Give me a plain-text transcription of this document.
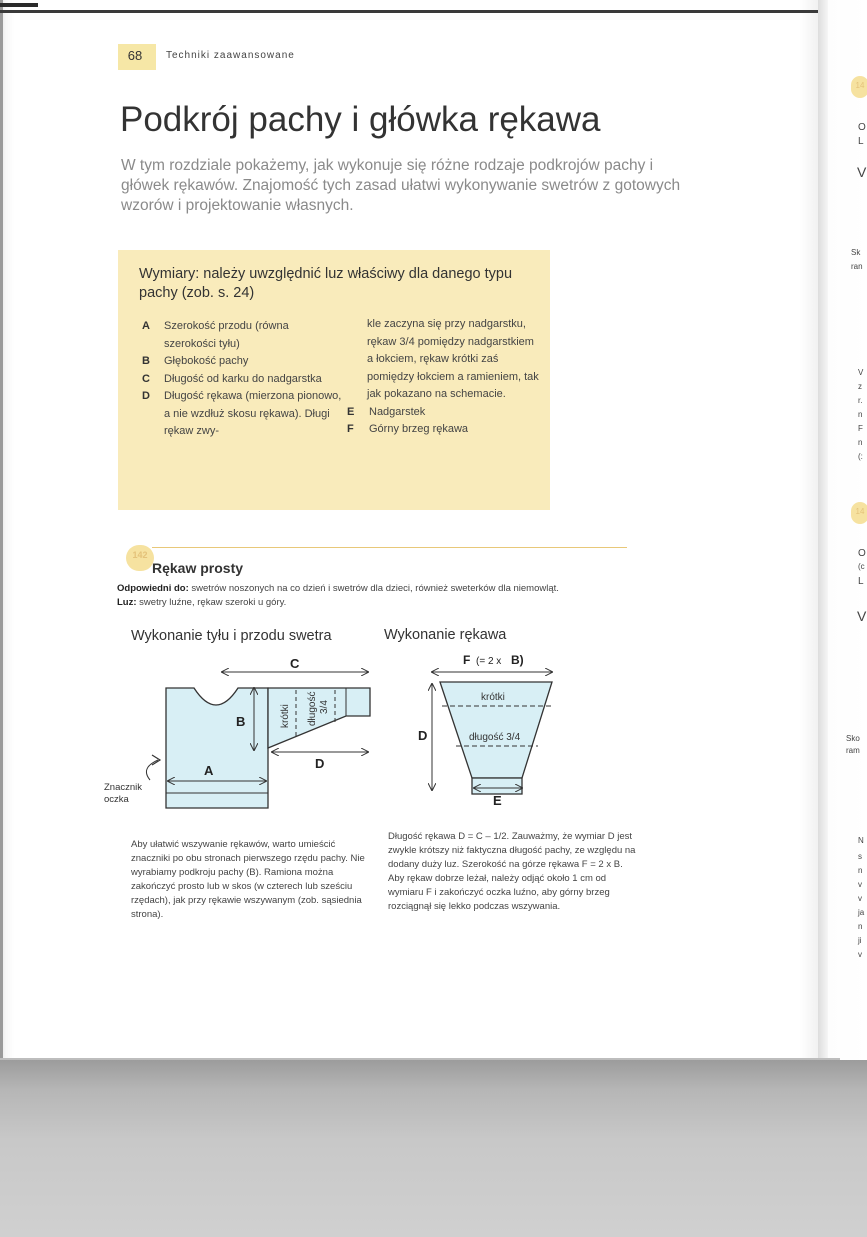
68	Techniki zaawansowane
Podkrój pachy i główka rękawa
W tym rozdziale pokażemy, jak wykonuje się różne rodzaje podkrojów pachy i główek rękawów. Znajomość tych zasad ułatwi wykonywanie swetrów z gotowych wzorów i projektowanie własnych.
Wymiary: należy uwzględnić luz właściwy dla danego typu pachy (zob. s. 24)
A	Szerokość przodu (równa szerokości tyłu)
B	Głębokość pachy
C	Długość od karku do nadgarstka
D	Długość rękawa (mierzona pionowo, a nie wzdłuż skosu rękawa). Długi rękaw zwy-
kle zaczyna się przy nadgarstku, rękaw 3/4 pomiędzy nadgarstkiem a łokciem, rękaw krótki zaś pomiędzy łokciem a ramieniem, tak jak pokazano na schemacie.
E	Nadgarstek
F	Górny brzeg rękawa
142
Rękaw prosty
Odpowiedni do: swetrów noszonych na co dzień i swetrów dla dzieci, również sweterków dla niemowląt.
Luz: swetry luźne, rękaw szeroki u góry.
Wykonanie tyłu i przodu swetra	Wykonanie rękawa
C
B
A	D
krótki długość 3/4
Znacznik
oczka
F (= 2 x B)
D
E
krótki
długość 3/4
Aby ułatwić wszywanie rękawów, warto umieścić znaczniki po obu stronach pierwszego rzędu pachy. Nie wyrabiamy podkroju pachy (B). Ramiona można zakończyć prosto lub w skos (w czterech lub sześciu rzędach), jak przy rękawie wszywanym (zob. sąsiednia strona).
Długość rękawa D = C – 1/2. Zauważmy, że wymiar D jest zwykle krótszy niż faktyczna długość pachy, ze względu na dodany duży luz. Szerokość na górze rękawa F = 2 x B. Aby rękaw dobrze leżał, należy odjąć około 1 cm od wymiaru F i zakończyć oczka luźno, aby górny brzeg rozciągnął się lekko podczas wszywania.
14
O
L
V
Sk
ran
V
z
r.
n
F
n
(:
14
O
(c
L
V
Sko
ram
N
s
n
v
v
ja
n
ji
v
